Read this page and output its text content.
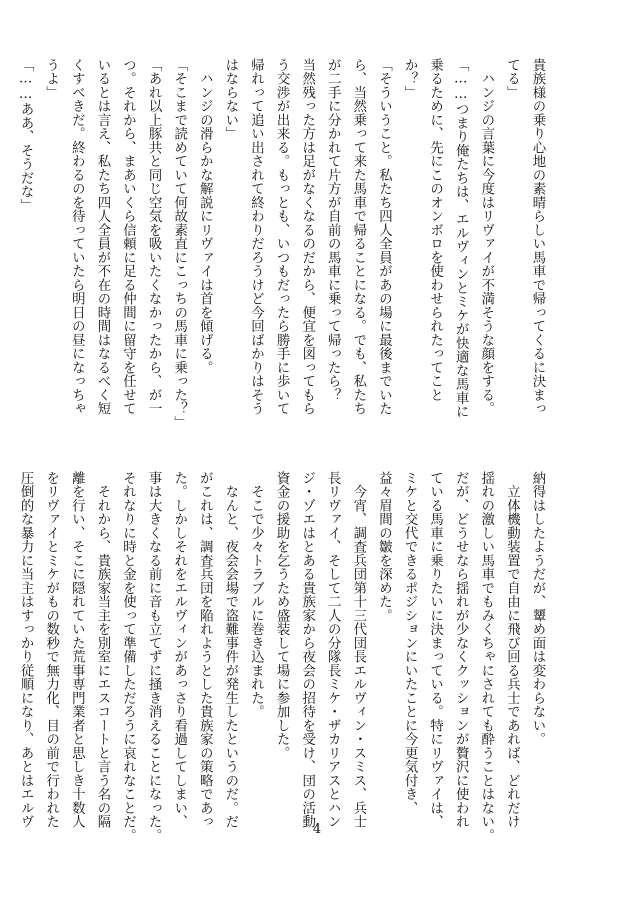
貴族様の乗り心地の素晴らしい馬車で帰ってくるに決まっ
てる」
　ハンジの言葉に今度はリヴァイが不満そうな顔をする。
「……つまり俺たちは、エルヴィンとミケが快適な馬車に
乗るために、先にこのオンボロを使わせられたってこと
か？」
「そういうこと。私たち四人全員があの場に最後までいた
ら、当然乗って来た馬車で帰ることになる。でも、私たち
が二手に分かれて片方が自前の馬車に乗って帰ったら？
当然残った方は足がなくなるのだから、便宜を図ってもら
う交渉が出来る。もっとも、いつもだったら勝手に歩いて
帰れって追い出されて終わりだろうけど今回ばかりはそう
はならない」
　ハンジの滑らかな解説にリヴァイは首を傾げる。
「そこまで読めていて何故素直にこっちの馬車に乗った？」
「あれ以上豚共と同じ空気を吸いたくなかったから、が一
つ。それから、まあいくら信頼に足る仲間に留守を任せて
いるとは言え、私たち四人全員が不在の時間はなるべく短
くすべきだ。終わるのを待っていたら明日の昼になっちゃ
うよ」
「……ああ、そうだな」
納得はしたようだが、顰め面は変わらない。
　立体機動装置で自由に飛び回る兵士であれば、どれだけ
揺れの激しい馬車でもみくちゃにされても酔うことはない。
だが、どうせなら揺れが少なくクッションが贅沢に使われ
ている馬車に乗りたいに決まっている。特にリヴァイは、
ミケと交代できるポジションにいたことに今更気付き、
益々眉間の皺を深めた。
　今宵、調査兵団第十三代団長エルヴィン・スミス、兵士
長リヴァイ、そして二人の分隊長ミケ・ザカリアスとハン
ジ・ゾエはとある貴族家から夜会の招待を受け、団の活動
資金の援助を乞うため盛装して場に参加した。
　そこで少々トラブルに巻き込まれた。
　なんと、夜会会場で盗難事件が発生したというのだ。だ
がこれは、調査兵団を陥れようとした貴族家の策略であっ
た。しかしそれをエルヴィンがあっさり看過してしまい、
事は大きくなる前に音も立てずに掻き消えることになった。
それなりに時と金を使って準備しただろうに哀れなことだ。
　それから、貴族家当主を別室にエスコートと言う名の隔
離を行い、そこに隠れていた荒事専門業者と思しき十数人
をリヴァイとミケがもの数秒で無力化、目の前で行われた
圧倒的な暴力に当主はすっかり従順になり、あとはエルヴ
4
